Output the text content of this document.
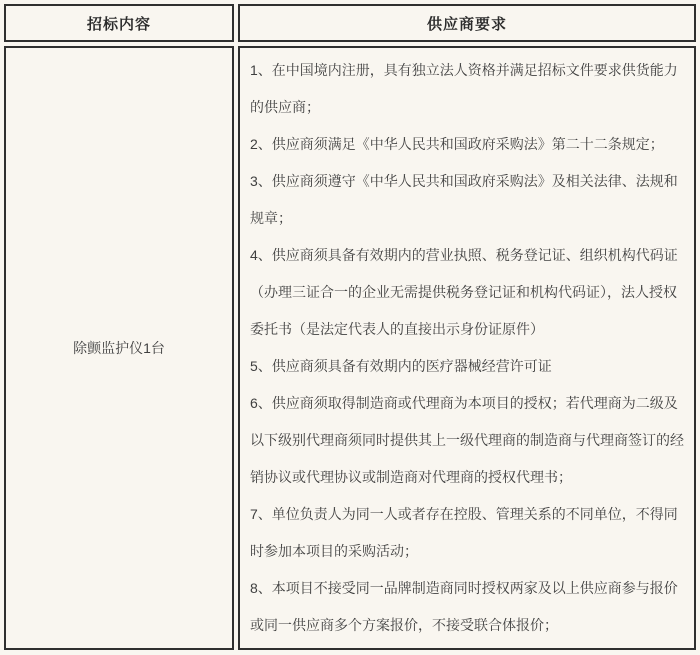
招标内容	供应商要求
除颤监护仪1台	

1、在中国境内注册，具有独立法人资格并满足招标文件要求供货能力的供应商；

2、供应商须满足《中华人民共和国政府采购法》第二十二条规定；

3、供应商须遵守《中华人民共和国政府采购法》及相关法律、法规和规章；

4、供应商须具备有效期内的营业执照、税务登记证、组织机构代码证（办理三证合一的企业无需提供税务登记证和机构代码证），法人授权委托书（是法定代表人的直接出示身份证原件）

5、供应商须具备有效期内的医疗器械经营许可证

6、供应商须取得制造商或代理商为本项目的授权；若代理商为二级及以下级别代理商须同时提供其上一级代理商的制造商与代理商签订的经销协议或代理协议或制造商对代理商的授权代理书；

7、单位负责人为同一人或者存在控股、管理关系的不同单位，不得同时参加本项目的采购活动；

8、本项目不接受同一品牌制造商同时授权两家及以上供应商参与报价或同一供应商多个方案报价，不接受联合体报价；
